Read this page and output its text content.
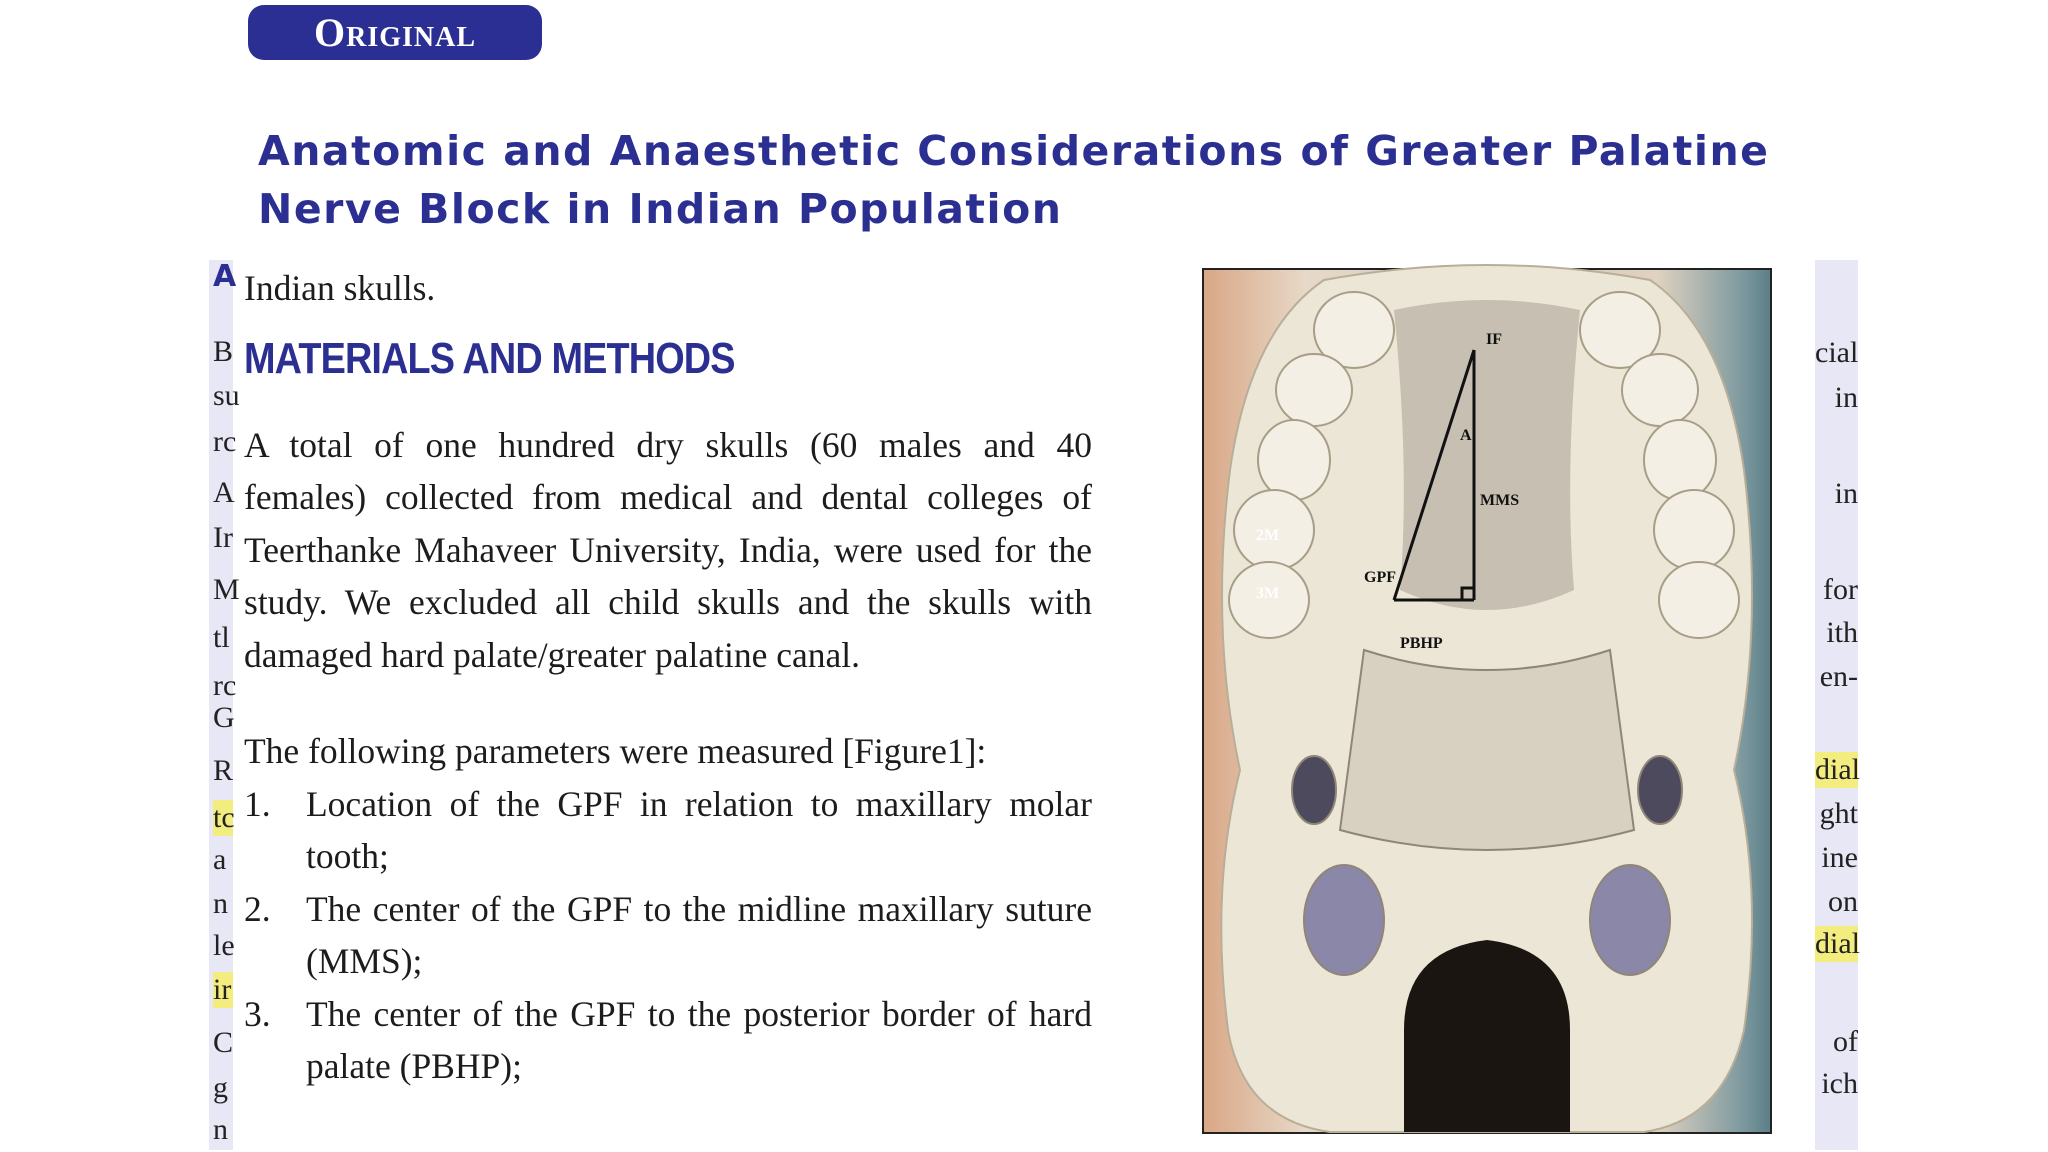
Original Article
Anatomic and Anaesthetic Considerations of Greater Palatine Nerve Block in Indian Population
A
B
su
rc
A
Ir
M
tl
rc
G
R
tc
a
n
le
ir
C
g
n
cial
in
in
for
ith
en-
dial
ght
ine
on
dial
of
ich

Indian skulls.

MATERIALS AND METHODS

A total of one hundred dry skulls (60 males and 40 females) collected from medical and dental colleges of Teerthanke Mahaveer University, India, were used for the study. We excluded all child skulls and the skulls with damaged hard palate/greater palatine canal.

The following parameters were measured [Figure1]:

1. Location of the GPF in relation to maxillary molar tooth;
2. The center of the GPF to the midline maxillary suture (MMS);
3. The center of the GPF to the posterior border of hard palate (PBHP);
IF
A
MMS
2M
3M
GPF
PBHP
